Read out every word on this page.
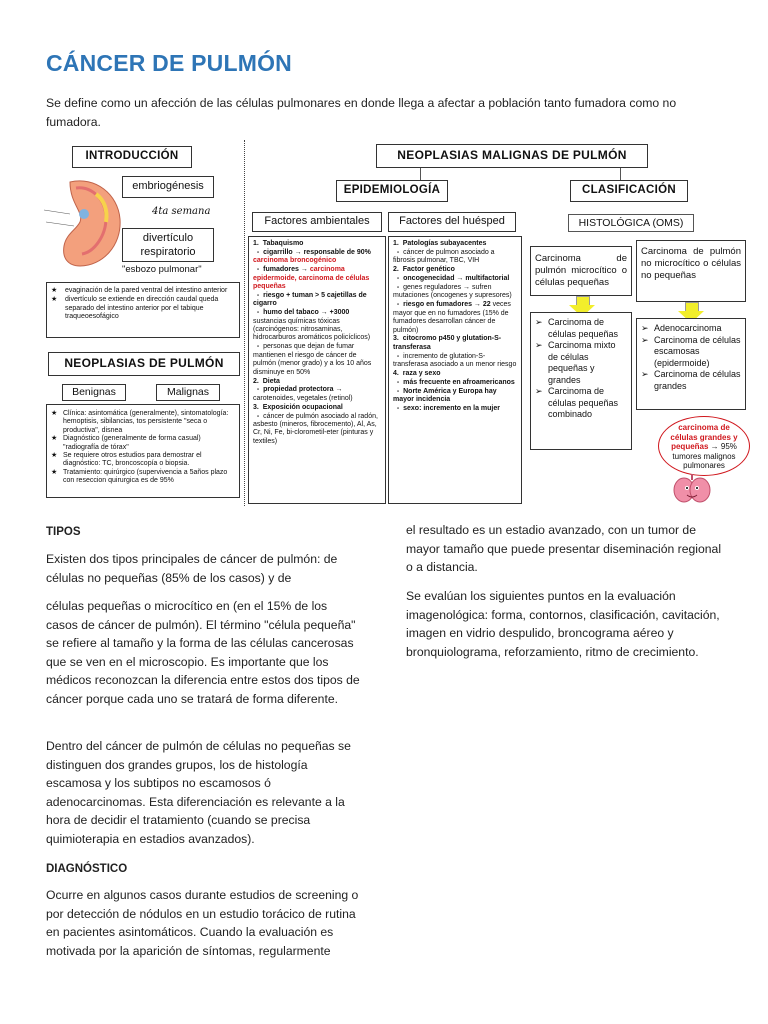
CÁNCER DE PULMÓN
Se define como un afección de las células pulmonares en donde llega a afectar a población tanto fumadora como no fumadora.
INTRODUCCIÓN
embriogénesis
4ta semana
divertículo respiratorio
"esbozo pulmonar"
★	evaginación de la pared ventral del intestino anterior
★	divertículo se extiende en dirección caudal queda separado del intestino anterior por el tabique traqueoesofágico
NEOPLASIAS DE PULMÓN
Benignas	Malignas
★ Clínica: asintomática (generalmente), sintomatología: hemoptisis, sibilancias, tos persistente "seca o productiva", disnea
★ Diagnóstico (generalmente de forma casual) "radiografía de tórax"
★ Se requiere otros estudios para demostrar el diagnóstico: TC, broncoscopía o biopsia.
★ Tratamiento: quirúrgico (supervivencia a 5años plazo con reseccion quirurgica es de 95%
NEOPLASIAS MALIGNAS DE PULMÓN
EPIDEMIOLOGÍA	CLASIFICACIÓN
Factores ambientales	Factores del huésped	HISTOLÓGICA (OMS)
1.  Tabaquismo
-  cigarrillo → responsable de 90% carcinoma broncogénico
-  fumadores → carcinoma epidermoide, carcinoma de células pequeñas
-  riesgo + tuman > 5 cajetillas de cigarro
-  humo del tabaco → +3000 sustancias químicas tóxicas (carcinógenos: nitrosaminas, hidrocarburos aromáticos policíclicos)
-  personas que dejan de fumar mantienen el riesgo de cáncer de pulmón (menor grado) y a los 10 años disminuye en 50%
2.  Dieta
-  propiedad protectora → carotenoides, vegetales (retinol)
3.  Exposición ocupacional
-  cáncer de pulmón asociado al radón, asbesto (mineros, fibrocemento), Al, As, Cr, Ni, Fe, bi-clorometil-eter (pinturas y textiles)
1.  Patologías subayacentes
-  cáncer de pulmon asociado a fibrosis pulmonar, TBC, VIH
2.  Factor genético
-  oncogenecidad → multifactorial
-  genes reguladores → sufren mutaciones (oncogenes y supresores)
-  riesgo en fumadores → 22 veces mayor que en no fumadores (15% de fumadores desarrollan cáncer de pulmón)
3.  citocromo p450 y glutation-S-transferasa
-  incremento de glutation-S-transferasa asociado a un menor riesgo
4.  raza y sexo
-  más frecuente en afroamericanos
-  Norte América y Europa hay mayor incidencia
-  sexo: incremento en la mujer
Carcinoma de pulmón microcítico o células pequeñas
Carcinoma de pulmón no microcítico o células no pequeñas
➢ Carcinoma de células pequeñas
➢ Carcinoma mixto de células pequeñas y grandes
➢ Carcinoma de células pequeñas combinado
➢ Adenocarcinoma
➢ Carcinoma de células escamosas (epidermoide)
➢ Carcinoma de células grandes
carcinoma de células grandes y pequeñas → 95% tumores malignos pulmonares
TIPOS
Existen dos tipos principales de cáncer de pulmón: de células no pequeñas (85% de los casos) y de
células pequeñas o microcítico en (en el 15% de los casos de cáncer de pulmón). El término "célula pequeña" se refiere al tamaño y la forma de las células cancerosas que se ven en el microscopio. Es importante que los médicos reconozcan la diferencia entre estos dos tipos de cáncer porque cada uno se tratará de forma diferente.
Dentro del cáncer de pulmón de células no pequeñas se distinguen dos grandes grupos, los de histología escamosa y los subtipos no escamosos ó adenocarcinomas. Esta diferenciación es relevante a la hora de decidir el tratamiento (cuando se precisa quimioterapia en estadios avanzados).
DIAGNÓSTICO
Ocurre en algunos casos durante estudios de screening o por detección de nódulos en un estudio torácico de rutina en pacientes asintomáticos. Cuando la evaluación es motivada por la aparición de síntomas, regularmente
el resultado es un estadio avanzado, con un tumor de mayor tamaño que puede presentar diseminación regional o a distancia.
Se evalúan los siguientes puntos en la evaluación imagenológica: forma, contornos, clasificación, cavitación, imagen en vidrio despulido, broncograma aéreo y bronquiolograma, reforzamiento, ritmo de crecimiento.
